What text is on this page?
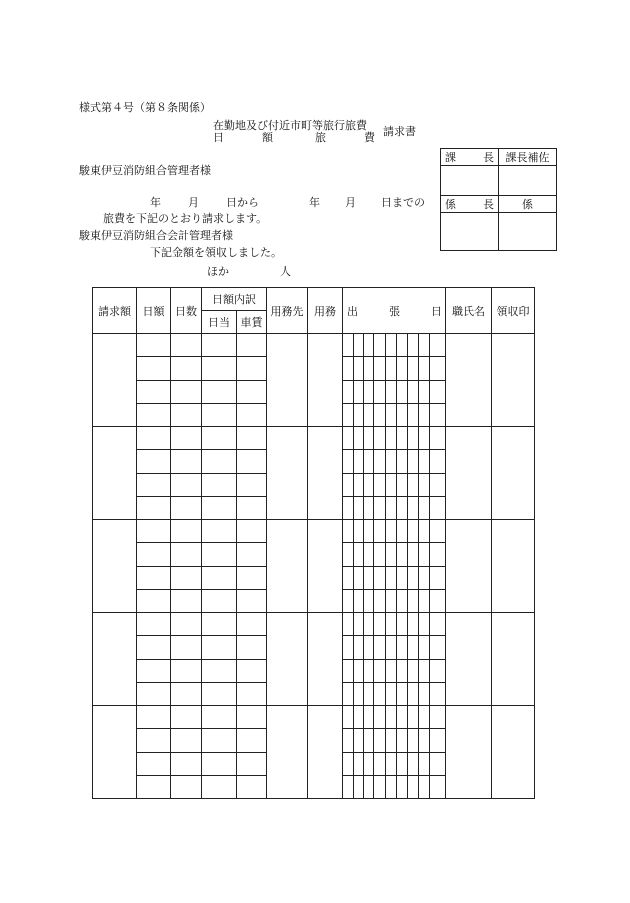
様式第４号（第８条関係）
在勤地及び付近市町等旅行旅費
日	額	旅	費 請求書
駿東伊豆消防組合管理者様
年 月 日から	年 月 日までの
旅費を下記のとおり請求します。
駿東伊豆消防組合会計管理者様
下記金額を領収しました。
ほか	人
課 長	課長補佐

係 長	係

請求額	日額	日数	日額内訳		用務先	用務	出 張 日	職氏名	領収印
			日当	車賃					
